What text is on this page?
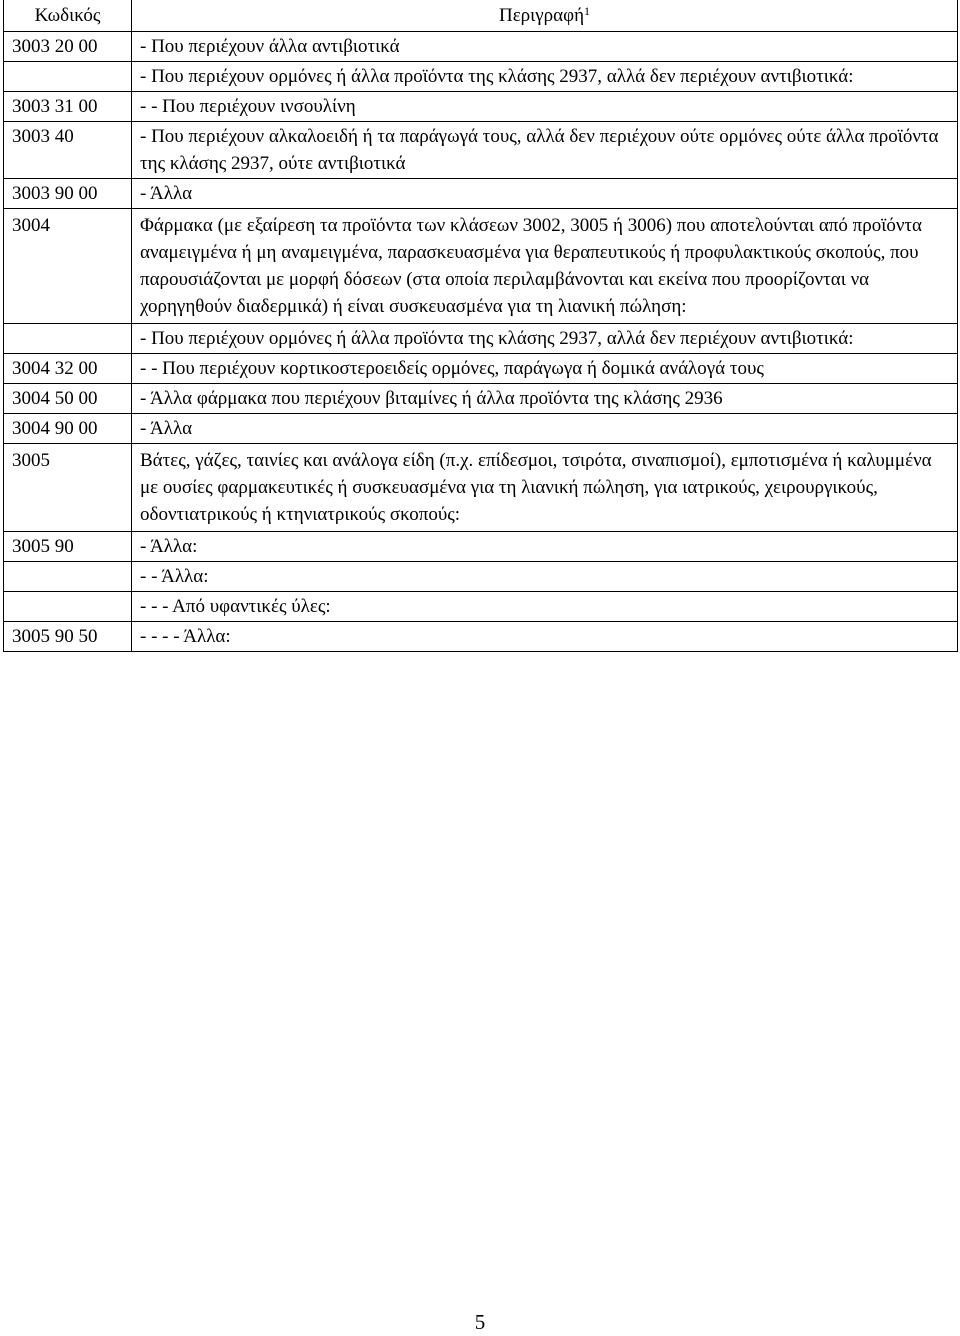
Κωδικός	Περιγραφή$^1$
3003 20 00	- Που περιέχουν άλλα αντιβιοτικά
	- Που περιέχουν ορμόνες ή άλλα προϊόντα της κλάσης 2937, αλλά δεν περιέχουν αντιβιοτικά:
3003 31 00	- - Που περιέχουν ινσουλίνη
3003 40	- Που περιέχουν αλκαλοειδή ή τα παράγωγά τους, αλλά δεν περιέχουν ούτε ορμόνες ούτε άλλα προϊόντα της κλάσης 2937, ούτε αντιβιοτικά
3003 90 00	- Άλλα
3004	Φάρμακα (με εξαίρεση τα προϊόντα των κλάσεων 3002, 3005 ή 3006) που αποτελούνται από προϊόντα αναμειγμένα ή μη αναμειγμένα, παρασκευασμένα για θεραπευτικούς ή προφυλακτικούς σκοπούς, που παρουσιάζονται με μορφή δόσεων (στα οποία περιλαμβάνονται και εκείνα που προορίζονται να χορηγηθούν διαδερμικά) ή είναι συσκευασμένα για τη λιανική πώληση:
	- Που περιέχουν ορμόνες ή άλλα προϊόντα της κλάσης 2937, αλλά δεν περιέχουν αντιβιοτικά:
3004 32 00	- - Που περιέχουν κορτικοστεροειδείς ορμόνες, παράγωγα ή δομικά ανάλογά τους
3004 50 00	- Άλλα φάρμακα που περιέχουν βιταμίνες ή άλλα προϊόντα της κλάσης 2936
3004 90 00	- Άλλα
3005	Βάτες, γάζες, ταινίες και ανάλογα είδη (π.χ. επίδεσμοι, τσιρότα, σιναπισμοί), εμποτισμένα ή καλυμμένα με ουσίες φαρμακευτικές ή συσκευασμένα για τη λιανική πώληση, για ιατρικούς, χειρουργικούς, οδοντιατρικούς ή κτηνιατρικούς σκοπούς:
3005 90	- Άλλα:
	- - Άλλα:
	- - - Από υφαντικές ύλες:
3005 90 50	- - - - Άλλα:
5
